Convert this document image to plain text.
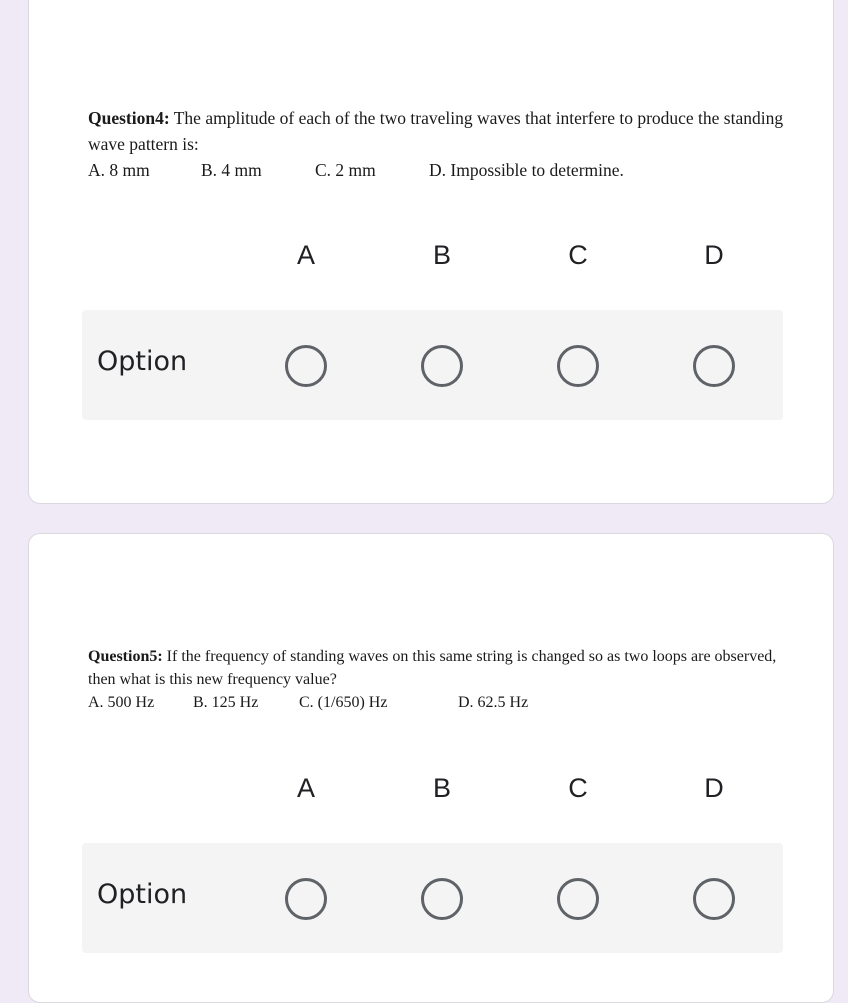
Question4: The amplitude of each of the two traveling waves that interfere to produce the standing wave pattern is:
A. 8 mm	B. 4 mm	C. 2 mm	D. Impossible to determine.
A	B	C	D
Option
Question5: If the frequency of standing waves on this same string is changed so as two loops are observed, then what is this new frequency value?
A. 500 Hz B. 125 Hz	C. (1/650) Hz	D. 62.5 Hz
A	B	C	D
Option
